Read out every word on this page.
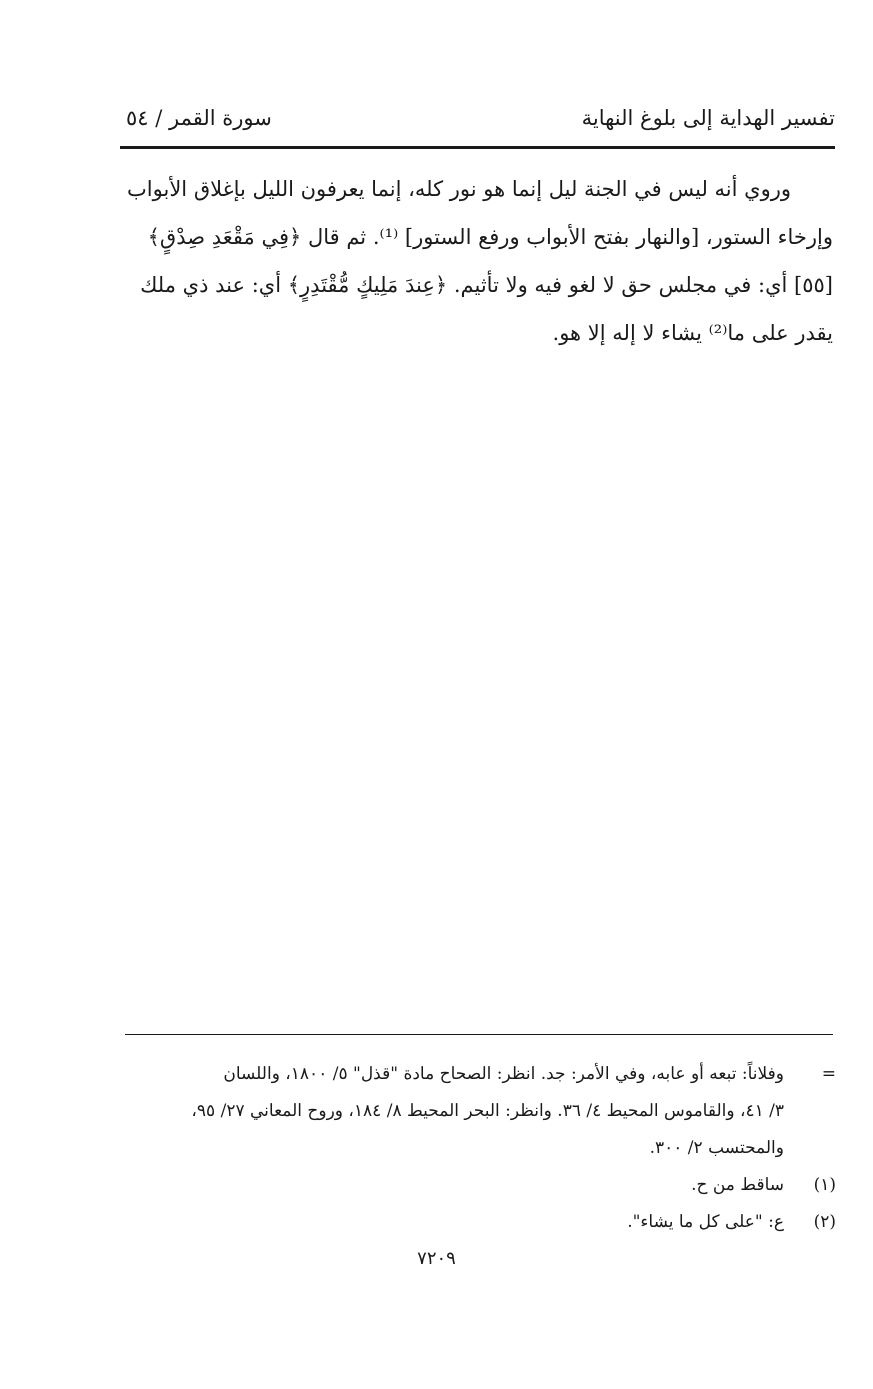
تفسير الهداية إلى بلوغ النهاية
سورة القمر / ٥٤
وروي أنه ليس في الجنة ليل إنما هو نور كله، إنما يعرفون الليل بإغلاق الأبواب
وإرخاء الستور، [والنهار بفتح الأبواب ورفع الستور] ⁽¹⁾. ثم قال ﴿فِي مَقْعَدِ صِدْقٍ﴾
[٥٥] أي: في مجلس حق لا لغو فيه ولا تأثيم. ﴿عِندَ مَلِيكٍ مُّقْتَدِرٍ﴾ أي: عند ذي ملك
يقدر على ما⁽²⁾ يشاء لا إله إلا هو.
=وفلاناً: تبعه أو عابه، وفي الأمر: جد. انظر: الصحاح مادة "قذل" ٥/ ١٨٠٠، واللسان
٣/ ٤١، والقاموس المحيط ٤/ ٣٦. وانظر: البحر المحيط ٨/ ١٨٤، وروح المعاني ٢٧/ ٩٥،
والمحتسب ٢/ ٣٠٠.
(١)ساقط من ح.
(٢)ع: "على كل ما يشاء".
٧٢٠٩
